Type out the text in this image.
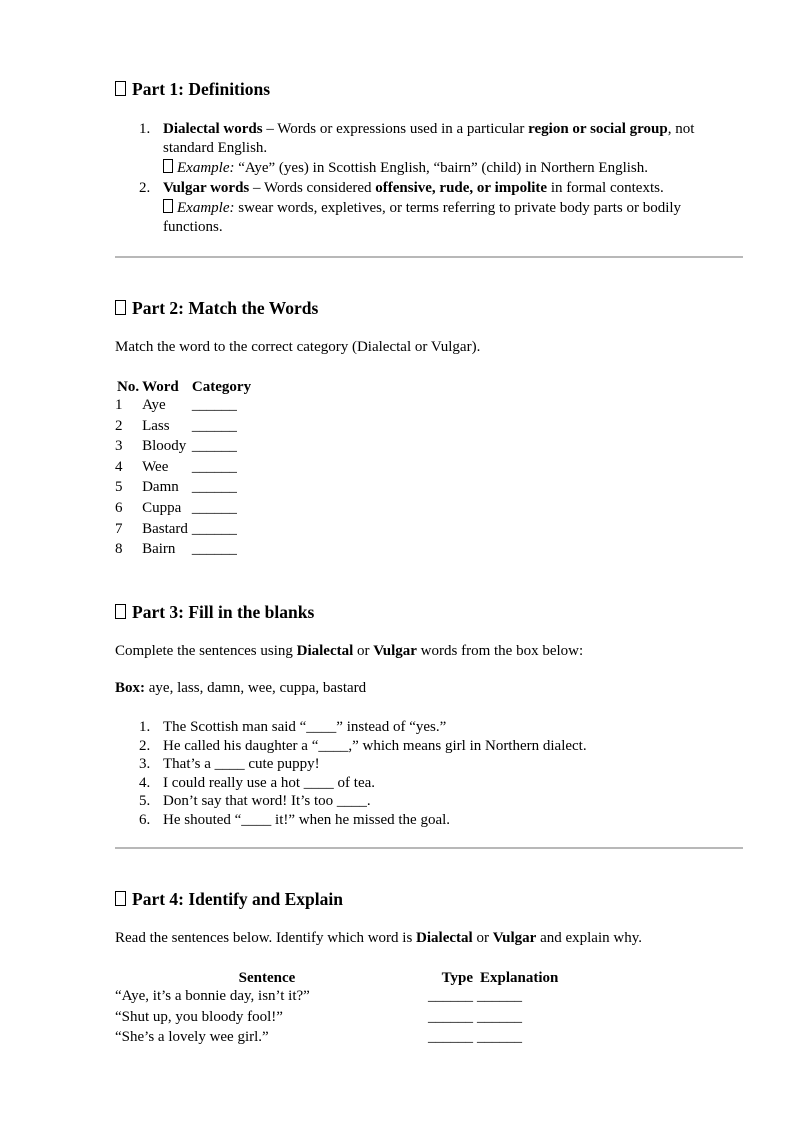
Part 1: Definitions
1. Dialectal words – Words or expressions used in a particular region or social group, not standard English.
Example: “Aye” (yes) in Scottish English, “bairn” (child) in Northern English.
2. Vulgar words – Words considered offensive, rude, or impolite in formal contexts.
Example: swear words, expletives, or terms referring to private body parts or bodily functions.
Part 2: Match the Words
Match the word to the correct category (Dialectal or Vulgar).
No.	Word	Category
1	Aye	______
2	Lass	______
3	Bloody	______
4	Wee	______
5	Damn	______
6	Cuppa	______
7	Bastard	______
8	Bairn	______
Part 3: Fill in the blanks
Complete the sentences using Dialectal or Vulgar words from the box below:
Box: aye, lass, damn, wee, cuppa, bastard
1. The Scottish man said “____” instead of “yes.”
2. He called his daughter a “____,” which means girl in Northern dialect.
3. That’s a ____ cute puppy!
4. I could really use a hot ____ of tea.
5. Don’t say that word! It’s too ____.
6. He shouted “____ it!” when he missed the goal.
Part 4: Identify and Explain
Read the sentences below. Identify which word is Dialectal or Vulgar and explain why.
Sentence	Type	Explanation
“Aye, it’s a bonnie day, isn’t it?”	______	______
“Shut up, you bloody fool!”	______	______
“She’s a lovely wee girl.”	______	______
